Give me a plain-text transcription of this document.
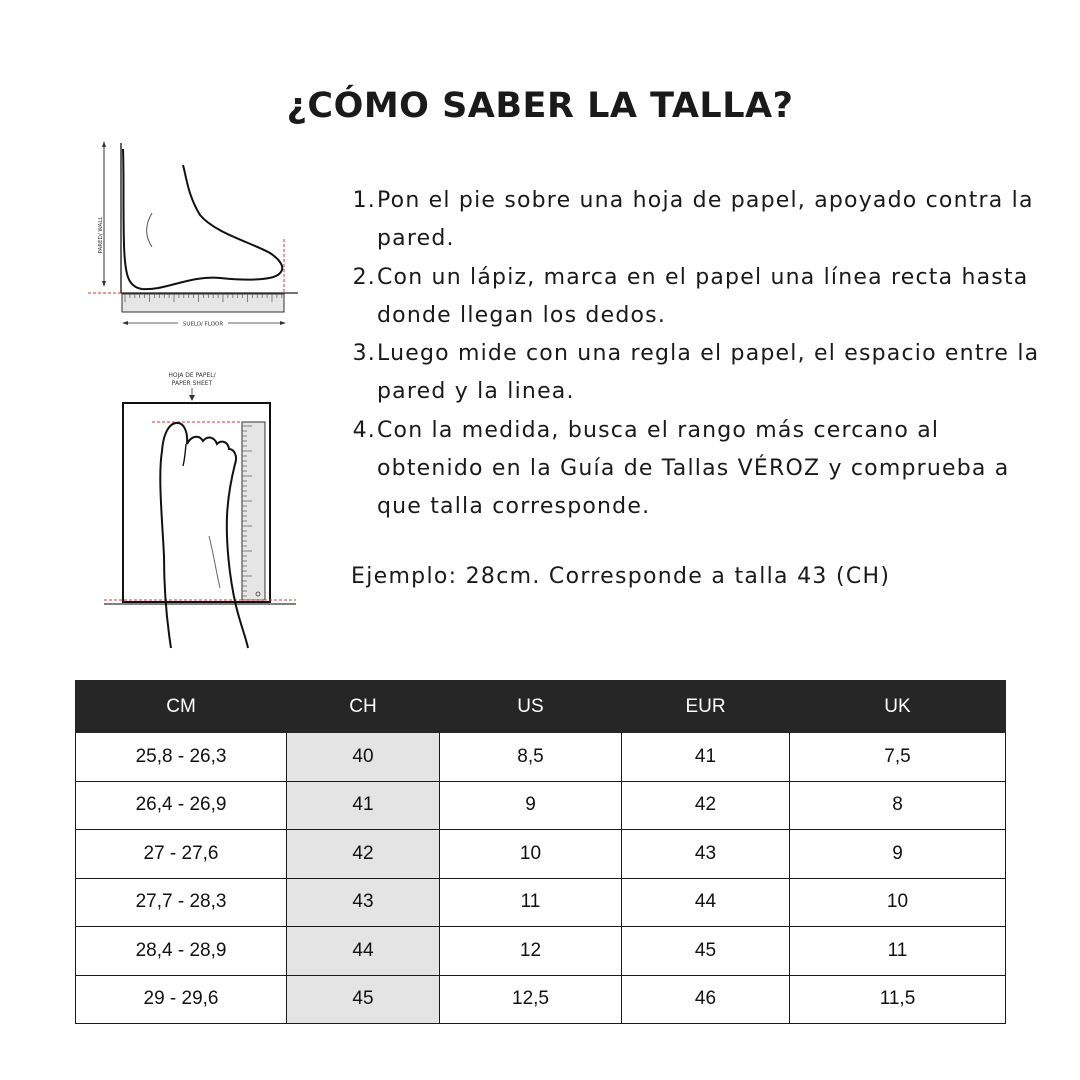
¿CÓMO SABER LA TALLA?
PARED/ WALL
SUELO/ FLOOR
HOJA DE PAPEL/
PAPER SHEET
1. Pon el pie sobre una hoja de papel, apoyado contra la pared.
2. Con un lápiz, marca en el papel una línea recta hasta donde llegan los dedos.
3. Luego mide con una regla el papel, el espacio entre la pared y la linea.
4. Con la medida, busca el rango más cercano al obtenido en la Guía de Tallas VÉROZ y comprueba a que talla corresponde.
Ejemplo: 28cm. Corresponde a talla 43 (CH)
CM	CH	US	EUR	UK
25,8 - 26,3	40	8,5	41	7,5
26,4 - 26,9	41	9	42	8
27 - 27,6	42	10	43	9
27,7 - 28,3	43	11	44	10
28,4 - 28,9	44	12	45	11
29 - 29,6	45	12,5	46	11,5
